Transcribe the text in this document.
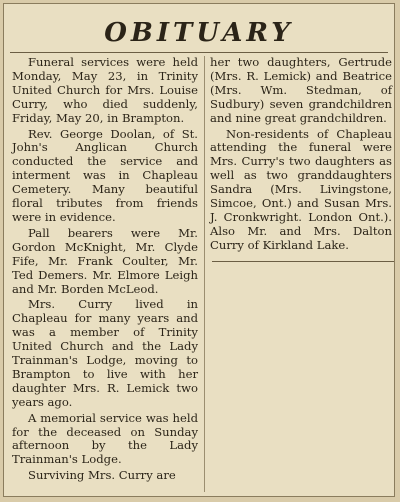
OBITUARY

Funeral services were held Monday, May 23, in Trinity United Church for Mrs. Louise Curry, who died suddenly, Friday, May 20, in Brampton.

Rev. George Doolan, of St. John's Anglican Church conducted the service and interment was in Chapleau Cemetery. Many beautiful floral tributes from friends were in evidence.

Pall bearers were Mr. Gordon McKnight, Mr. Clyde Fife, Mr. Frank Coulter, Mr. Ted Demers. Mr. Elmore Leigh and Mr. Borden McLeod.

Mrs. Curry lived in Chapleau for many years and was a member of Trinity United Church and the Lady Trainman's Lodge, moving to Brampton to live with her daughter Mrs. R. Lemick two years ago.

A memorial service was held for the deceased on Sunday afternoon by the Lady Trainman's Lodge.

Surviving Mrs. Curry are

her two daughters, Gertrude (Mrs. R. Lemick) and Beatrice (Mrs. Wm. Stedman, of Sudbury) seven grandchildren and nine great grandchildren.

Non-residents of Chapleau attending the funeral were Mrs. Curry's two daughters as well as two granddaughters Sandra (Mrs. Livingstone, Simcoe, Ont.) and Susan Mrs. J. Cronkwright. London Ont.). Also Mr. and Mrs. Dalton Curry of Kirkland Lake.
